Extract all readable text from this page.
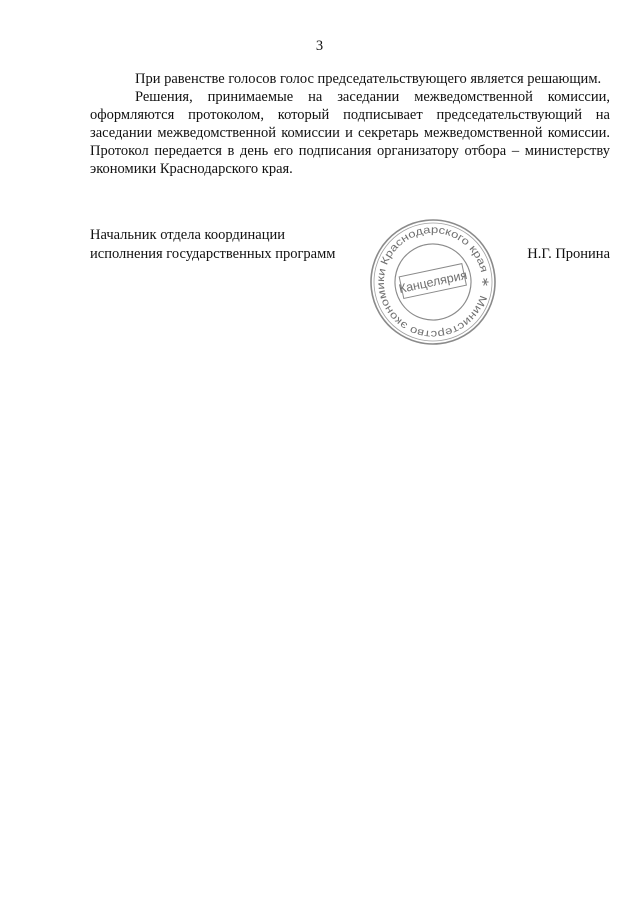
3

При равенстве голосов голос председательствующего является решающим.

Решения, принимаемые на заседании межведомственной комиссии, оформляются протоколом, который подписывает председательствующий на заседании межведомственной комиссии и секретарь межведомственной комиссии. Протокол передается в день его подписания организатору отбора – министерству экономики Краснодарского края.

Начальник отдела координации
исполнения государственных программ
Министерство экономики Краснодарского края ∗
Канцелярия
Н.Г. Пронина
